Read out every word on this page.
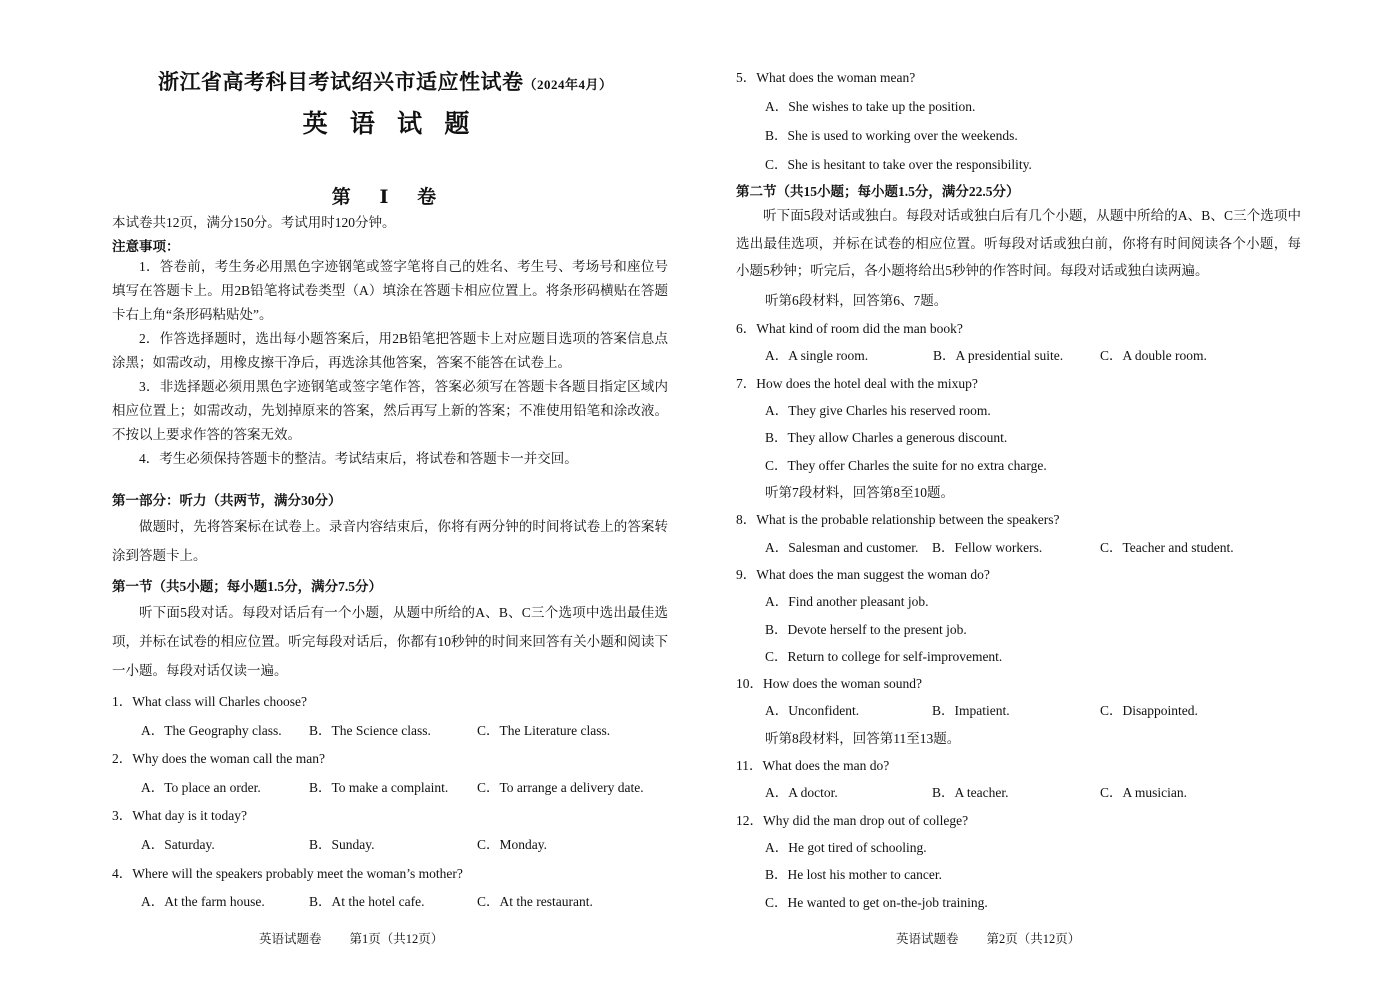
浙江省高考科目考试绍兴市适应性试卷（2024年4月）
英 语 试 题
第 Ⅰ 卷
本试卷共12页，满分150分。考试用时120分钟。
注意事项：
1．答卷前，考生务必用黑色字迹钢笔或签字笔将自己的姓名、考生号、考场号和座位号填写在答题卡上。用2B铅笔将试卷类型（A）填涂在答题卡相应位置上。将条形码横贴在答题卡右上角“条形码粘贴处”。
2．作答选择题时，选出每小题答案后，用2B铅笔把答题卡上对应题目选项的答案信息点涂黑；如需改动，用橡皮擦干净后，再选涂其他答案，答案不能答在试卷上。
3．非选择题必须用黑色字迹钢笔或签字笔作答，答案必须写在答题卡各题目指定区域内相应位置上；如需改动，先划掉原来的答案，然后再写上新的答案；不准使用铅笔和涂改液。不按以上要求作答的答案无效。
4．考生必须保持答题卡的整洁。考试结束后，将试卷和答题卡一并交回。
第一部分：听力（共两节，满分30分）
做题时，先将答案标在试卷上。录音内容结束后，你将有两分钟的时间将试卷上的答案转涂到答题卡上。
第一节（共5小题；每小题1.5分，满分7.5分）
听下面5段对话。每段对话后有一个小题，从题中所给的A、B、C三个选项中选出最佳选项，并标在试卷的相应位置。听完每段对话后，你都有10秒钟的时间来回答有关小题和阅读下一小题。每段对话仅读一遍。
1．What class will Charles choose?
A．The Geography class. B．The Science class.	C．The Literature class.
2．Why does the woman call the man?
A．To place an order.	B．To make a complaint. C．To arrange a delivery date.
3．What day is it today?
A．Saturday.	B．Sunday.	C．Monday.
4．Where will the speakers probably meet the woman’s mother?
A．At the farm house.	B．At the hotel cafe.	C．At the restaurant.
英语试题卷 第1页（共12页）
5．What does the woman mean?
A．She wishes to take up the position.
B．She is used to working over the weekends.
C．She is hesitant to take over the responsibility.
第二节（共15小题；每小题1.5分，满分22.5分）
听下面5段对话或独白。每段对话或独白后有几个小题，从题中所给的A、B、C三个选项中选出最佳选项，并标在试卷的相应位置。听每段对话或独白前，你将有时间阅读各个小题，每小题5秒钟；听完后，各小题将给出5秒钟的作答时间。每段对话或独白读两遍。
听第6段材料，回答第6、7题。
6．What kind of room did the man book?
A．A single room.	B．A presidential suite.	C．A double room.
7．How does the hotel deal with the mixup?
A．They give Charles his reserved room.
B．They allow Charles a generous discount.
C．They offer Charles the suite for no extra charge.
听第7段材料，回答第8至10题。
8．What is the probable relationship between the speakers?
A．Salesman and customer. B．Fellow workers.	C．Teacher and student.
9．What does the man suggest the woman do?
A．Find another pleasant job.
B．Devote herself to the present job.
C．Return to college for self-improvement.
10．How does the woman sound?
A．Unconfident.	B．Impatient.	C．Disappointed.
听第8段材料，回答第11至13题。
11．What does the man do?
A．A doctor.	B．A teacher.	C．A musician.
12．Why did the man drop out of college?
A．He got tired of schooling.
B．He lost his mother to cancer.
C．He wanted to get on-the-job training.
英语试题卷 第2页（共12页）
